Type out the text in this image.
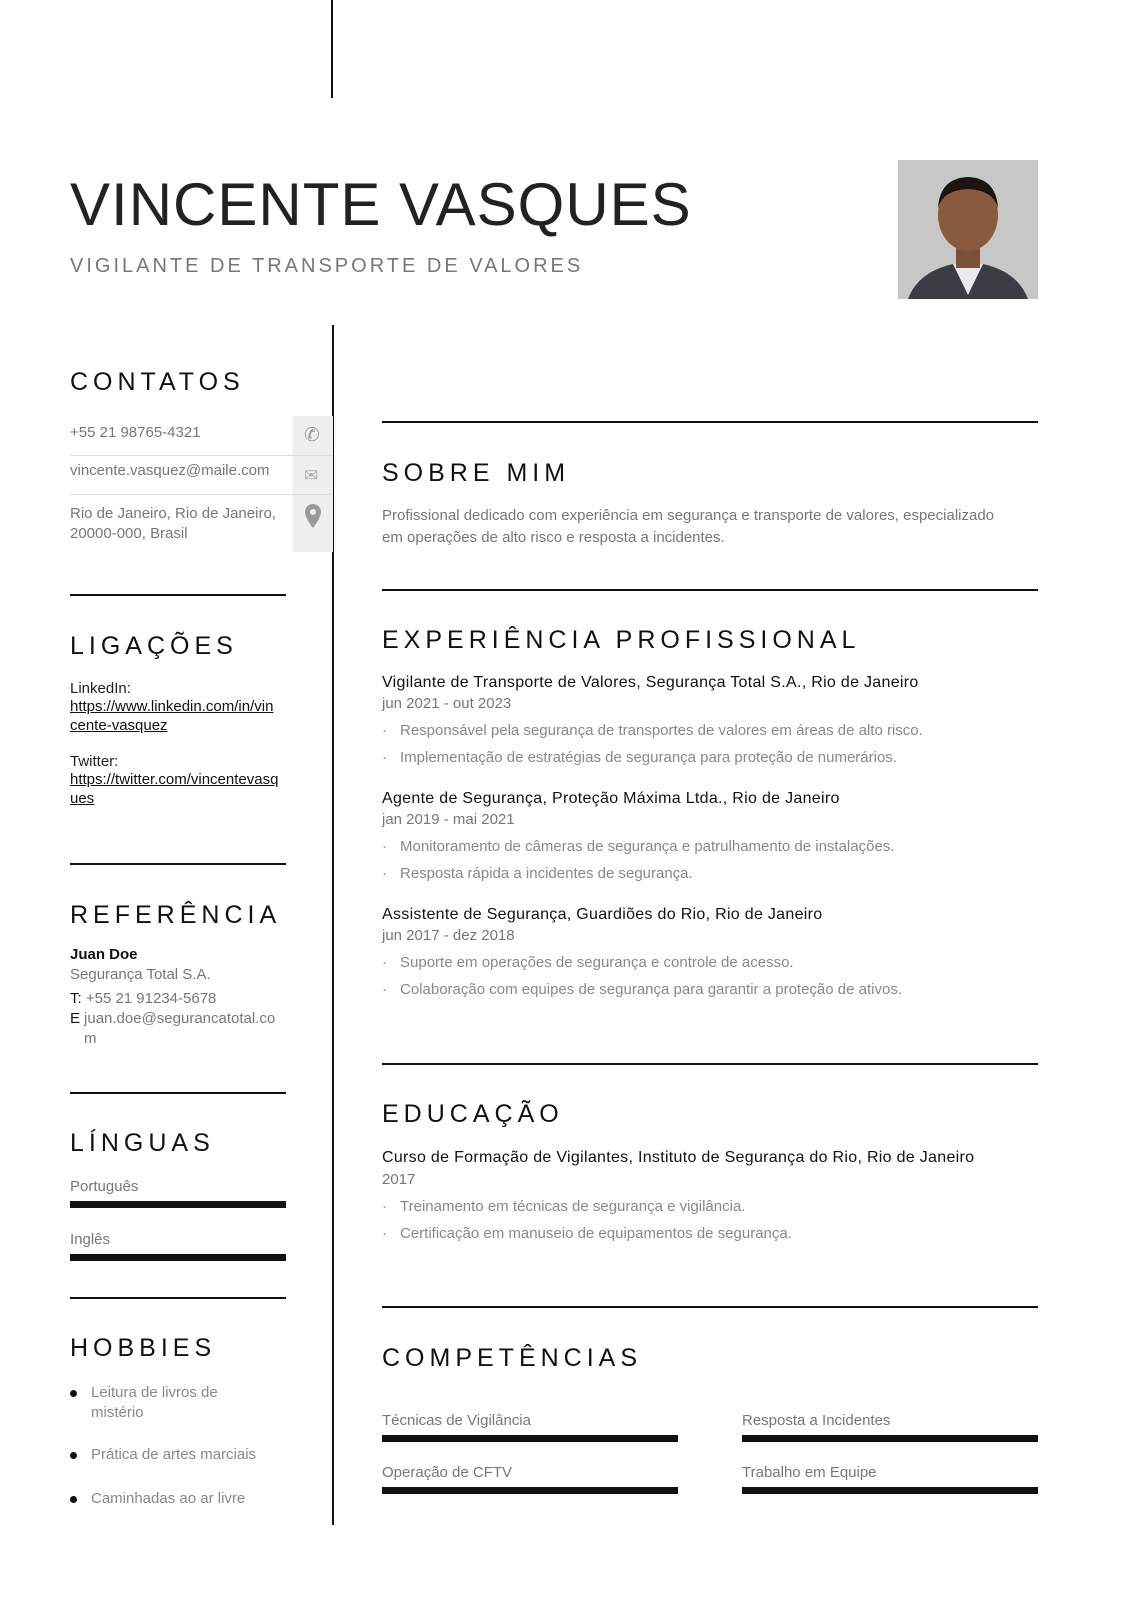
VINCENTE VASQUES
VIGILANTE DE TRANSPORTE DE VALORES
CONTATOS
✆
✉
+55 21 98765-4321
vincente.vasquez@maile.com
Rio de Janeiro, Rio de Janeiro, 20000-000, Brasil
LIGAÇÕES
LinkedIn:
https://www.linkedin.com/in/vincente-vasquez
Twitter:
https://twitter.com/vincentevasques
REFERÊNCIA
Juan Doe
Segurança Total S.A.
T: +55 21 91234-5678
E juan.doe@segurancatotal.com
LÍNGUAS
Português
Inglês
HOBBIES
Leitura de livros de mistério
Prática de artes marciais
Caminhadas ao ar livre
SOBRE MIM
Profissional dedicado com experiência em segurança e transporte de valores, especializado em operações de alto risco e resposta a incidentes.
EXPERIÊNCIA PROFISSIONAL
Vigilante de Transporte de Valores, Segurança Total S.A., Rio de Janeiro
jun 2021 - out 2023
· Responsável pela segurança de transportes de valores em áreas de alto risco.
· Implementação de estratégias de segurança para proteção de numerários.
Agente de Segurança, Proteção Máxima Ltda., Rio de Janeiro
jan 2019 - mai 2021
· Monitoramento de câmeras de segurança e patrulhamento de instalações.
· Resposta rápida a incidentes de segurança.
Assistente de Segurança, Guardiões do Rio, Rio de Janeiro
jun 2017 - dez 2018
· Suporte em operações de segurança e controle de acesso.
· Colaboração com equipes de segurança para garantir a proteção de ativos.
EDUCAÇÃO
Curso de Formação de Vigilantes, Instituto de Segurança do Rio, Rio de Janeiro
2017
· Treinamento em técnicas de segurança e vigilância.
· Certificação em manuseio de equipamentos de segurança.
COMPETÊNCIAS
Técnicas de Vigilância
Operação de CFTV
Resposta a Incidentes
Trabalho em Equipe
